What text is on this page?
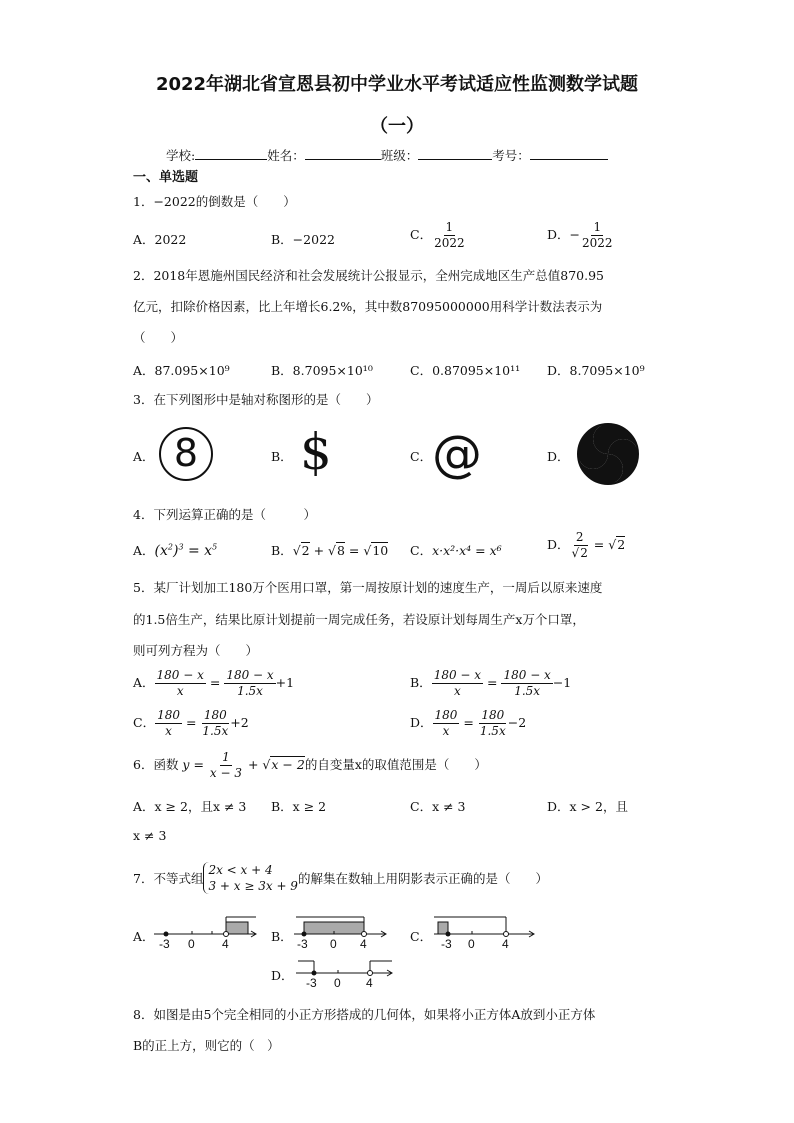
2022年湖北省宣恩县初中学业水平考试适应性监测数学试题
（一）
学校:	姓名：	班级：	考号：
一、单选题
1．−2022的倒数是（　　）
A．2022	B．−2022	C． $\frac{1}{2022}$	D．− $\frac{1}{2022}$
2．2018年恩施州国民经济和社会发展统计公报显示，全州完成地区生产总值870.95
亿元，扣除价格因素，比上年增长6.2%，其中数87095000000用科学计数法表示为
（　　）
A．87.095×10⁹	B．8.7095×10¹⁰	C．0.87095×10¹¹ D．8.7095×10⁹
3．在下列图形中是轴对称图形的是（　　）
A． 8	B． $	C． @	D．
4．下列运算正确的是（　　　）
A．$(x^2)^3 = x^5$	B．√2 + √8 = √10 C．x·x²·x⁴ = x⁶	D． $\frac{2}{√2} = √2$
5．某厂计划加工180万个医用口罩，第一周按原计划的速度生产，一周后以原来速度
的1.5倍生产，结果比原计划提前一周完成任务，若设原计划每周生产x万个口罩，
则可列方程为（　　）
A． $\frac{180 - x}{x} = \frac{180 - x}{1.5x} +1$	B． $\frac{180 - x}{x} = \frac{180 - x}{1.5x} -1$
C． $\frac{180}{x} = \frac{180}{1.5x} +2$	D． $\frac{180}{x} = \frac{180}{1.5x} -2$
6．函数 $y = \frac{1}{x - 3} + √x - 2$的自变量x的取值范围是（　　）
A．x ≥ 2，且x ≠ 3 B．x ≥ 2	C．x ≠ 3	D．x > 2，且
x ≠ 3
7．不等式组2x < x + 4
3 + x ≥ 3x + 9的解集在数轴上用阴影表示正确的是（　　）
A． -3 0 4	B． -3 0 4	C． -3 0 4
D． -3 0 4
8．如图是由5个完全相同的小正方形搭成的几何体，如果将小正方体A放到小正方体
B的正上方，则它的（　）
